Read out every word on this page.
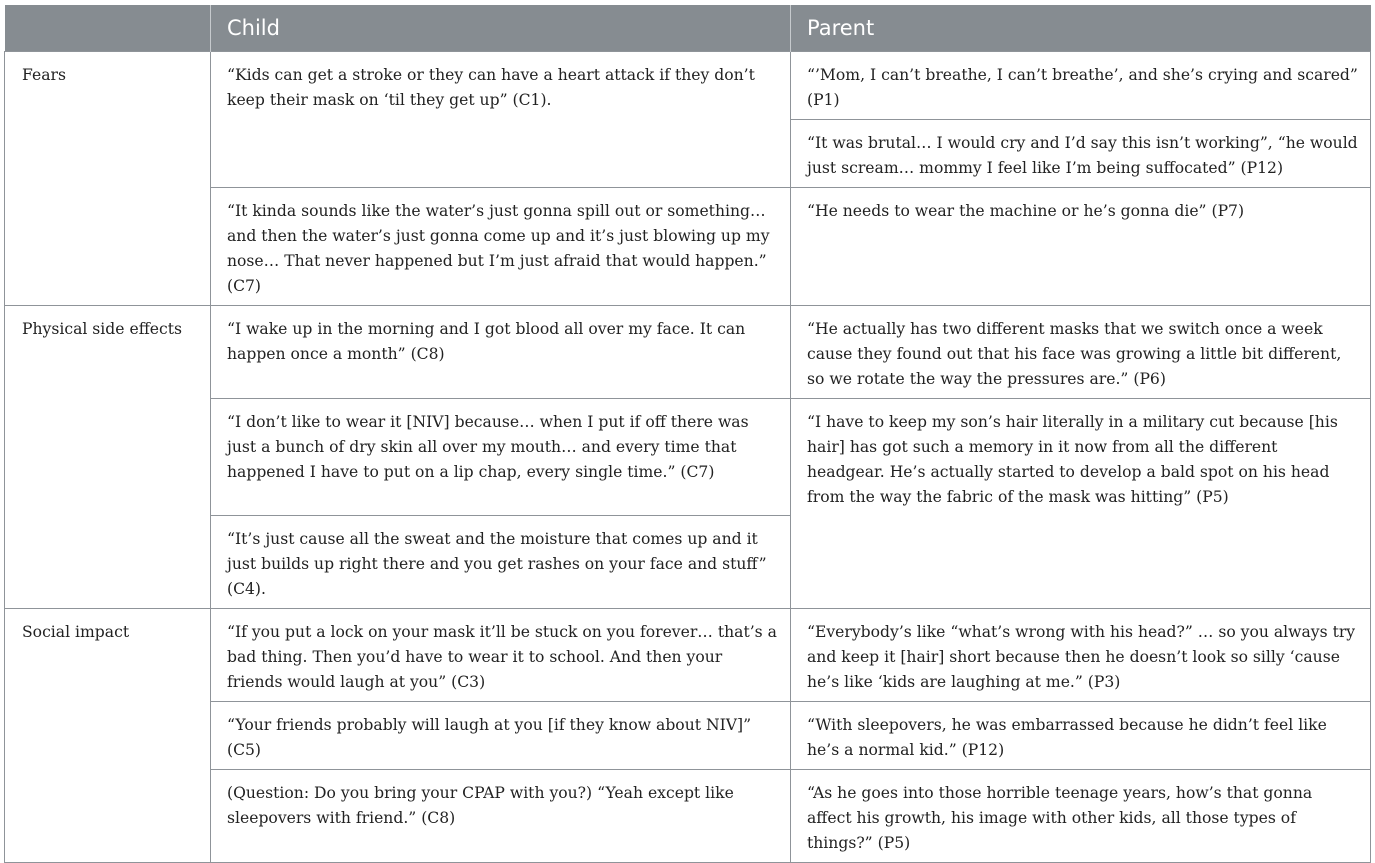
	Child	Parent
Fears	“Kids can get a stroke or they can have a heart attack if they don’t keep their mask on ‘til they get up” (C1).	“’Mom, I can’t breathe, I can’t breathe’, and she’s crying and scared” (P1)
		“It was brutal… I would cry and I’d say this isn’t working”, “he would just scream… mommy I feel like I’m being suffocated” (P12)
	“It kinda sounds like the water’s just gonna spill out or something… and then the water’s just gonna come up and it’s just blowing up my nose… That never happened but I’m just afraid that would happen.” (C7)	“He needs to wear the machine or he’s gonna die” (P7)
Physical side effects	“I wake up in the morning and I got blood all over my face. It can happen once a month” (C8)	“He actually has two different masks that we switch once a week cause they found out that his face was growing a little bit different, so we rotate the way the pressures are.” (P6)
	“I don’t like to wear it [NIV] because… when I put if off there was just a bunch of dry skin all over my mouth… and every time that happened I have to put on a lip chap, every single time.” (C7)	“I have to keep my son’s hair literally in a military cut because [his hair] has got such a memory in it now from all the different headgear. He’s actually started to develop a bald spot on his head from the way the fabric of the mask was hitting” (P5)
	“It’s just cause all the sweat and the moisture that comes up and it just builds up right there and you get rashes on your face and stuff” (C4).	
Social impact	“If you put a lock on your mask it’ll be stuck on you forever… that’s a bad thing. Then you’d have to wear it to school. And then your friends would laugh at you” (C3)	“Everybody’s like “what’s wrong with his head?” … so you always try and keep it [hair] short because then he doesn’t look so silly ‘cause he’s like ‘kids are laughing at me.” (P3)
	“Your friends probably will laugh at you [if they know about NIV]” (C5)	“With sleepovers, he was embarrassed because he didn’t feel like he’s a normal kid.” (P12)
	(Question: Do you bring your CPAP with you?) “Yeah except like sleepovers with friend.” (C8)	“As he goes into those horrible teenage years, how’s that gonna affect his growth, his image with other kids, all those types of things?” (P5)
